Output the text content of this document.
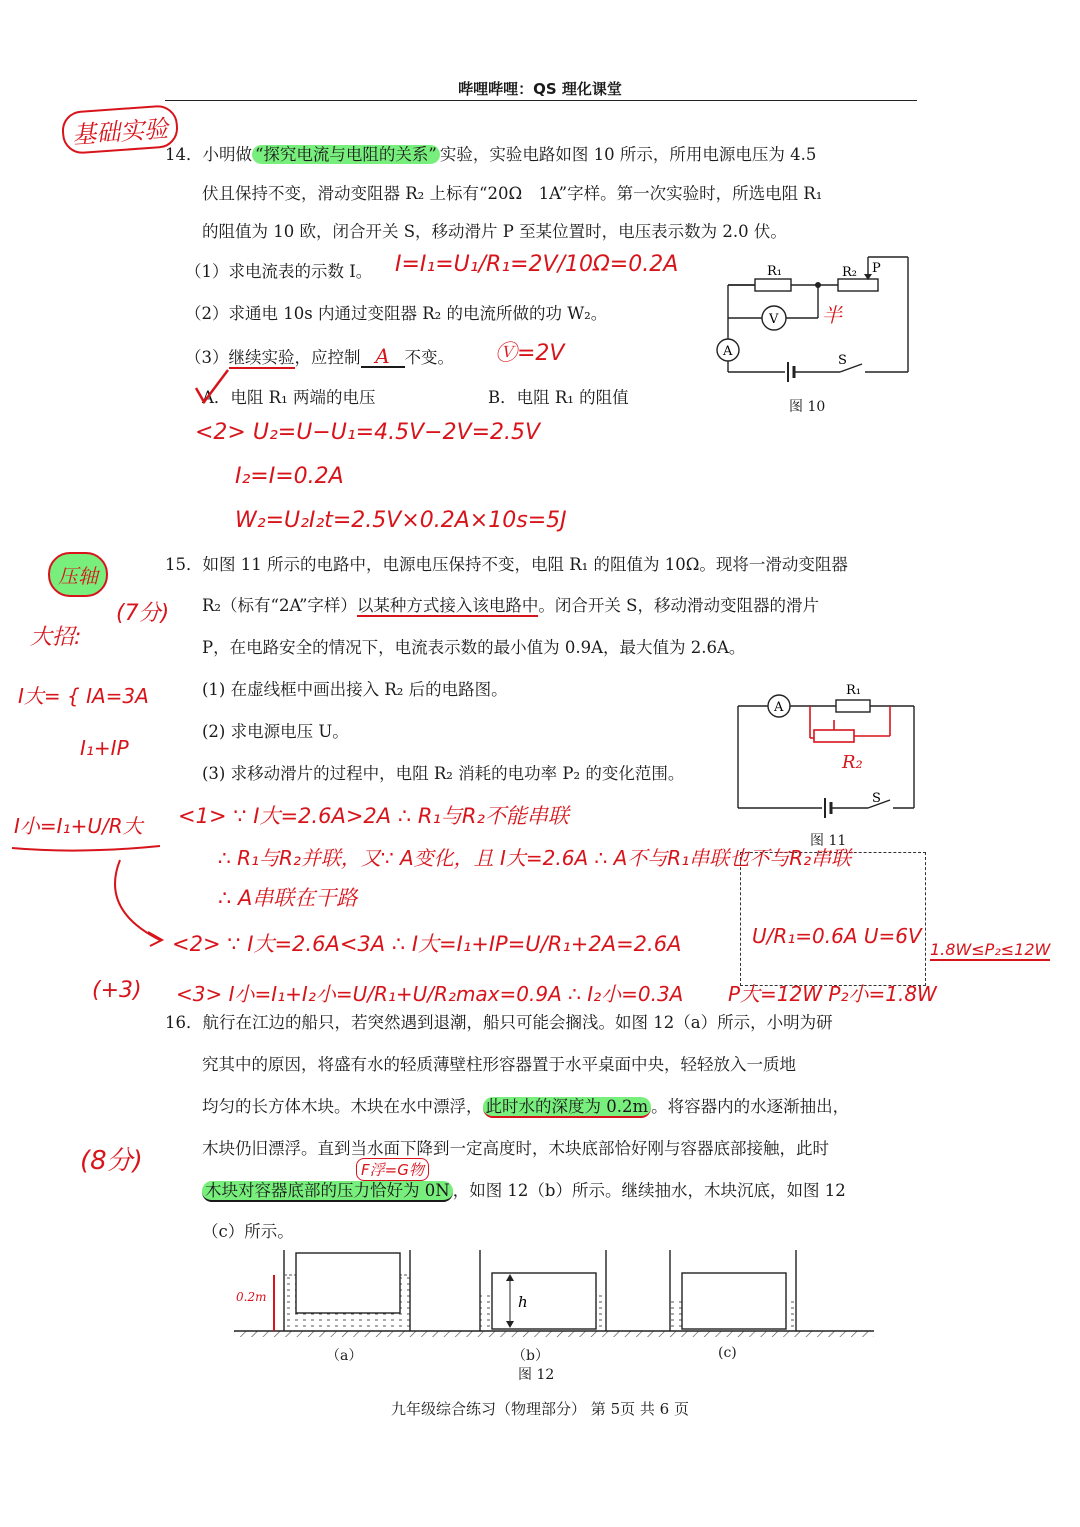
哔哩哔哩：QS 理化课堂
基础实验
14．小明做 “探究电流与电阻的关系” 实验，实验电路如图 10 所示，所用电源电压为 4.5
伏且保持不变，滑动变阻器 R₂ 上标有“20Ω　1A”字样。第一次实验时，所选电阻 R₁
的阻值为 10 欧，闭合开关 S，移动滑片 P 至某位置时，电压表示数为 2.0 伏。
（1）求电流表的示数 I。 I=I₁=U₁/R₁=2V/10Ω=0.2A
（2）求通电 10s 内通过变阻器 R₂ 的电流所做的功 W₂。
（3）继续实验，应控制 A 不变。 Ⓥ=2V
A．电阻 R₁ 两端的电压	B．电阻 R₁ 的阻值
R₁	R₂ P
V
A
S
半
图 10
<2> U₂=U−U₁=4.5V−2V=2.5V
I₂=I=0.2A
W₂=U₂I₂t=2.5V×0.2A×10s=5J
压轴
(7分)
大招:
I大= { IA=3A
I₁+IP
I小=I₁+U/R大
15．如图 11 所示的电路中，电源电压保持不变，电阻 R₁ 的阻值为 10Ω。现将一滑动变阻器
R₂（标有“2A”字样）以某种方式接入该电路中。闭合开关 S，移动滑动变阻器的滑片
P，在电路安全的情况下，电流表示数的最小值为 0.9A，最大值为 2.6A。
(1) 在虚线框中画出接入 R₂ 后的电路图。
(2) 求电源电压 U。
(3) 求移动滑片的过程中，电阻 R₂ 消耗的电功率 P₂ 的变化范围。
A
R₁
S
R₂
图 11
<1> ∵ I大=2.6A>2A ∴ R₁与R₂不能串联
∴ R₁与R₂并联，又∵ A变化，且 I大=2.6A ∴ A不与R₁串联也不与R₂串联
∴ A串联在干路
<2> ∵ I大=2.6A<3A ∴ I大=I₁+IP=U/R₁+2A=2.6A	U/R₁=0.6A U=6V
1.8W≤P₂≤12W
(+3) <3> I小=I₁+I₂小=U/R₁+U/R₂max=0.9A ∴ I₂小=0.3A P大=12W P₂小=1.8W
(8分)
16．航行在江边的船只，若突然遇到退潮，船只可能会搁浅。如图 12（a）所示，小明为研
究其中的原因，将盛有水的轻质薄壁柱形容器置于水平桌面中央，轻轻放入一质地
均匀的长方体木块。木块在水中漂浮， 此时水的深度为 0.2m 。将容器内的水逐渐抽出，
木块仍旧漂浮。直到当水面下降到一定高度时，木块底部恰好刚与容器底部接触，此时
F浮=G物
木块对容器底部的压力恰好为 0N ，如图 12（b）所示。继续抽水，木块沉底，如图 12
（c）所示。
0.2m	h
（a）	（b）	(c)
图 12
九年级综合练习（物理部分） 第 5页 共 6 页
